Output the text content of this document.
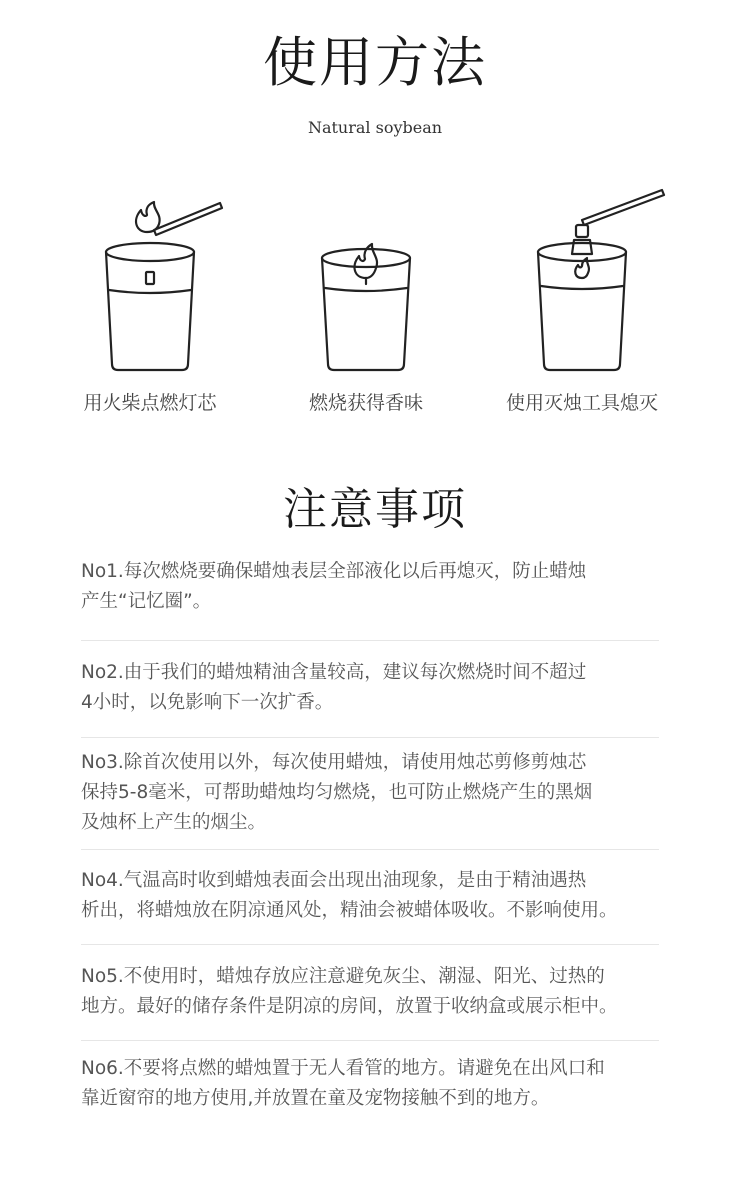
使用方法
Natural soybean
用火柴点燃灯芯	燃烧获得香味	使用灭烛工具熄灭
注意事项
No1.每次燃烧要确保蜡烛表层全部液化以后再熄灭，防止蜡烛
产生“记忆圈”。
No2.由于我们的蜡烛精油含量较高，建议每次燃烧时间不超过
4小时，以免影响下一次扩香。
No3.除首次使用以外，每次使用蜡烛，请使用烛芯剪修剪烛芯
保持5-8毫米，可帮助蜡烛均匀燃烧，也可防止燃烧产生的黑烟
及烛杯上产生的烟尘。
No4.气温高时收到蜡烛表面会出现出油现象，是由于精油遇热
析出，将蜡烛放在阴凉通风处，精油会被蜡体吸收。不影响使用。
No5.不使用时，蜡烛存放应注意避免灰尘、潮湿、阳光、过热的
地方。最好的储存条件是阴凉的房间，放置于收纳盒或展示柜中。
No6.不要将点燃的蜡烛置于无人看管的地方。请避免在出风口和
靠近窗帘的地方使用,并放置在童及宠物接触不到的地方。
